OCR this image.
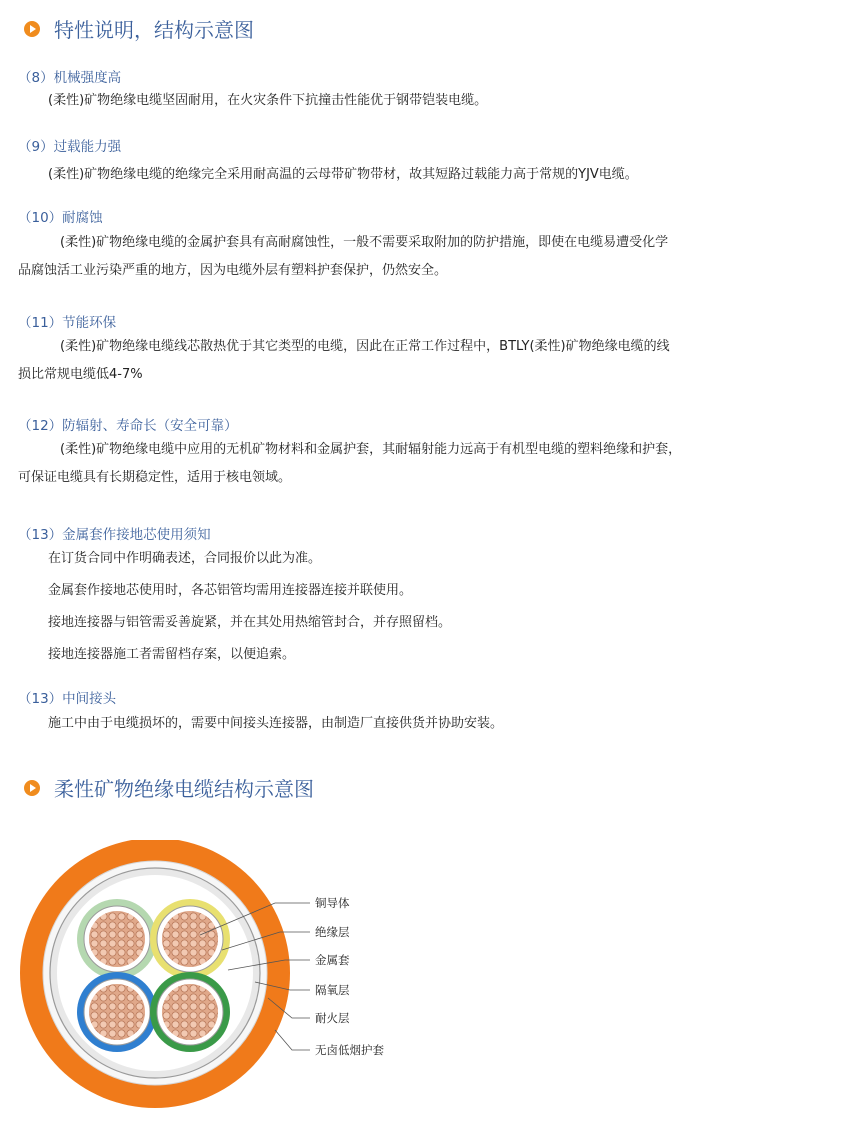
特性说明，结构示意图
（8）机械强度高
(柔性)矿物绝缘电缆坚固耐用，在火灾条件下抗撞击性能优于钢带铠装电缆。
（9）过载能力强
(柔性)矿物绝缘电缆的绝缘完全采用耐高温的云母带矿物带材，故其短路过载能力高于常规的YJV电缆。
（10）耐腐蚀
(柔性)矿物绝缘电缆的金属护套具有高耐腐蚀性，一般不需要采取附加的防护措施，即使在电缆易遭受化学
品腐蚀活工业污染严重的地方，因为电缆外层有塑料护套保护，仍然安全。
（11）节能环保
(柔性)矿物绝缘电缆线芯散热优于其它类型的电缆，因此在正常工作过程中，BTLY(柔性)矿物绝缘电缆的线
损比常规电缆低4-7%
（12）防辐射、寿命长（安全可靠）
(柔性)矿物绝缘电缆中应用的无机矿物材料和金属护套，其耐辐射能力远高于有机型电缆的塑料绝缘和护套，
可保证电缆具有长期稳定性，适用于核电领域。
（13）金属套作接地芯使用须知
在订货合同中作明确表述，合同报价以此为准。
金属套作接地芯使用时，各芯铝管均需用连接器连接并联使用。
接地连接器与铝管需妥善旋紧，并在其处用热缩管封合，并存照留档。
接地连接器施工者需留档存案，以便追索。
（13）中间接头
施工中由于电缆损坏的，需要中间接头连接器，由制造厂直接供货并协助安装。
柔性矿物绝缘电缆结构示意图
铜导体
绝缘层
金属套
隔氧层
耐火层
无卤低烟护套
